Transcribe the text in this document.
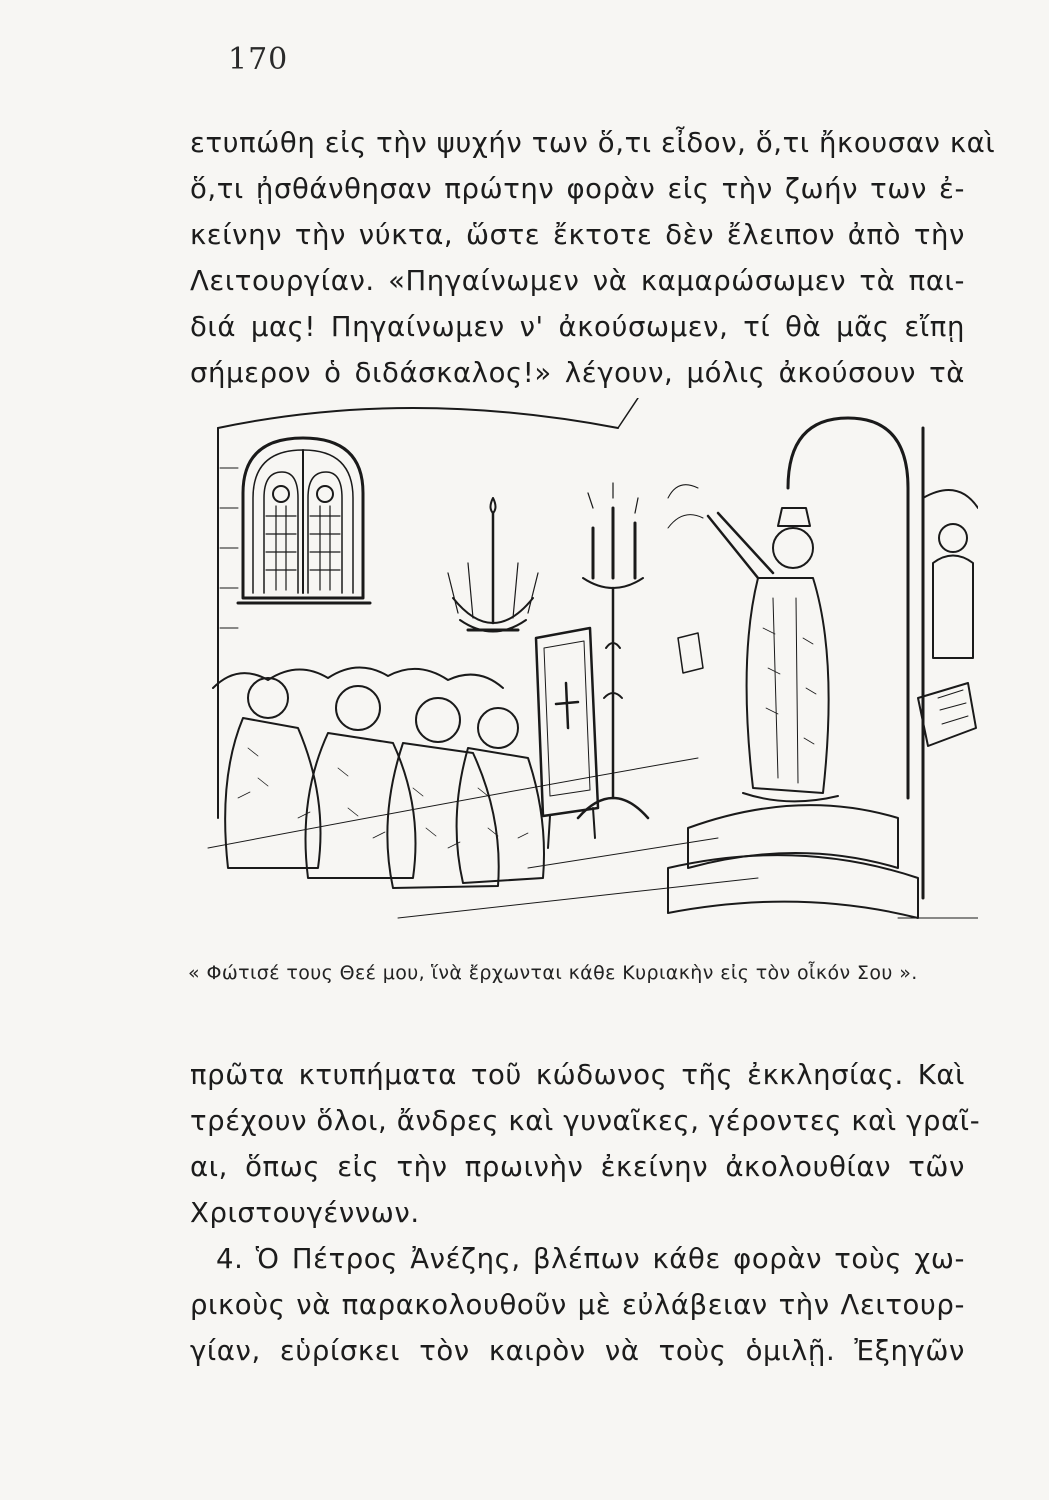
170
ετυπώθη εἰς τὴν ψυχήν των ὅ,τι εἶδον, ὅ,τι ἤκουσαν καὶ
ὅ,τι ᾐσθάνθησαν πρώτην φορὰν εἰς τὴν ζωήν των ἐ-
κείνην τὴν νύκτα, ὥστε ἔκτοτε δὲν ἔλειπον ἀπὸ τὴν
Λειτουργίαν. «Πηγαίνωμεν νὰ καμαρώσωμεν τὰ παι-
διά μας! Πηγαίνωμεν ν' ἀκούσωμεν, τί θὰ μᾶς εἴπῃ
σήμερον ὁ διδάσκαλος!» λέγουν, μόλις ἀκούσουν τὰ
« Φώτισέ τους Θεέ μου, ἵνὰ ἔρχωνται κάθε Κυριακὴν εἰς τὸν οἶκόν Σου ».
πρῶτα κτυπήματα τοῦ κώδωνος τῆς ἐκκλησίας. Καὶ
τρέχουν ὅλοι, ἄνδρες καὶ γυναῖκες, γέροντες καὶ γραῖ-
αι, ὅπως εἰς τὴν πρωινὴν ἐκείνην ἀκολουθίαν τῶν
Χριστουγέννων.
4. Ὁ Πέτρος Ἀνέζης, βλέπων κάθε φορὰν τοὺς χω-
ρικοὺς νὰ παρακολουθοῦν μὲ εὐλάβειαν τὴν Λειτουρ-
γίαν, εὑρίσκει τὸν καιρὸν νὰ τοὺς ὁμιλῇ. Ἐξηγῶν
